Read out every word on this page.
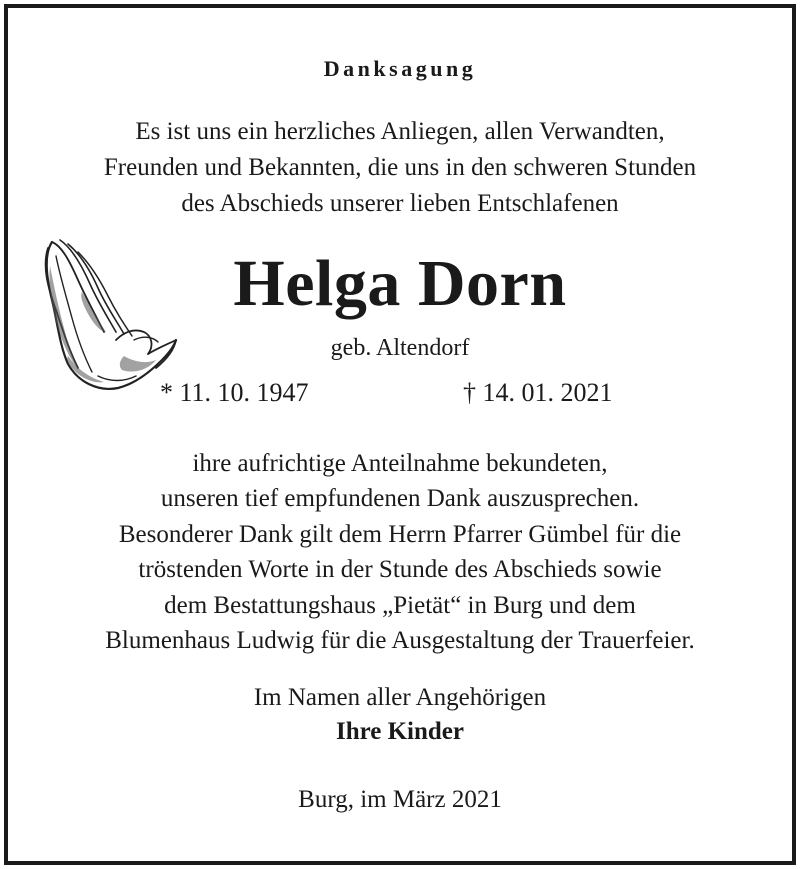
Danksagung
Es ist uns ein herzliches Anliegen, allen Verwandten,
Freunden und Bekannten, die uns in den schweren Stunden
des Abschieds unserer lieben Entschlafenen
Helga Dorn
geb. Altendorf
* 11. 10. 1947	† 14. 01. 2021
ihre aufrichtige Anteilnahme bekundeten,
unseren tief empfundenen Dank auszusprechen.
Besonderer Dank gilt dem Herrn Pfarrer Gümbel für die
tröstenden Worte in der Stunde des Abschieds sowie
dem Bestattungshaus „Pietät“ in Burg und dem
Blumenhaus Ludwig für die Ausgestaltung der Trauerfeier.
Im Namen aller Angehörigen
Ihre Kinder
Burg, im März 2021
